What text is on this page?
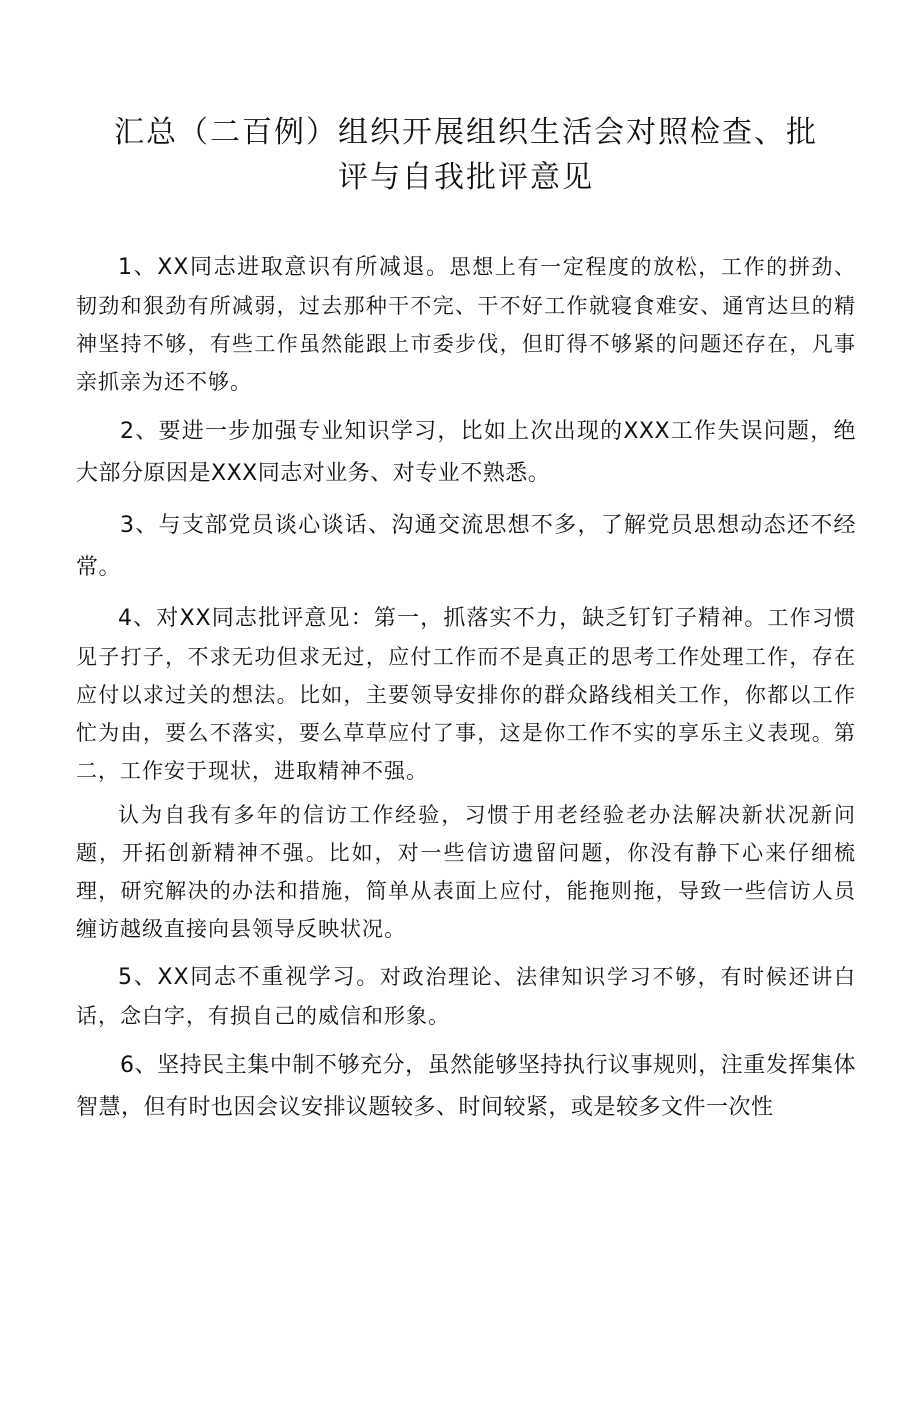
汇总（二百例）组织开展组织生活会对照检查、批
评与自我批评意见

1、XX同志进取意识有所减退。思想上有一定程度的放松，工作的拼劲、韧劲和狠劲有所减弱，过去那种干不完、干不好工作就寝食难安、通宵达旦的精神坚持不够，有些工作虽然能跟上市委步伐，但盯得不够紧的问题还存在，凡事亲抓亲为还不够。

2、要进一步加强专业知识学习，比如上次出现的XXX工作失误问题，绝大部分原因是XXX同志对业务、对专业不熟悉。

3、与支部党员谈心谈话、沟通交流思想不多，了解党员思想动态还不经常。

4、对XX同志批评意见：第一，抓落实不力，缺乏钉钉子精神。工作习惯见子打子，不求无功但求无过，应付工作而不是真正的思考工作处理工作，存在应付以求过关的想法。比如，主要领导安排你的群众路线相关工作，你都以工作忙为由，要么不落实，要么草草应付了事，这是你工作不实的享乐主义表现。第二，工作安于现状，进取精神不强。

认为自我有多年的信访工作经验，习惯于用老经验老办法解决新状况新问题，开拓创新精神不强。比如，对一些信访遗留问题，你没有静下心来仔细梳理，研究解决的办法和措施，简单从表面上应付，能拖则拖，导致一些信访人员缠访越级直接向县领导反映状况。

5、XX同志不重视学习。对政治理论、法律知识学习不够，有时候还讲白话，念白字，有损自己的威信和形象。

6、坚持民主集中制不够充分，虽然能够坚持执行议事规则，注重发挥集体智慧，但有时也因会议安排议题较多、时间较紧，或是较多文件一次性
